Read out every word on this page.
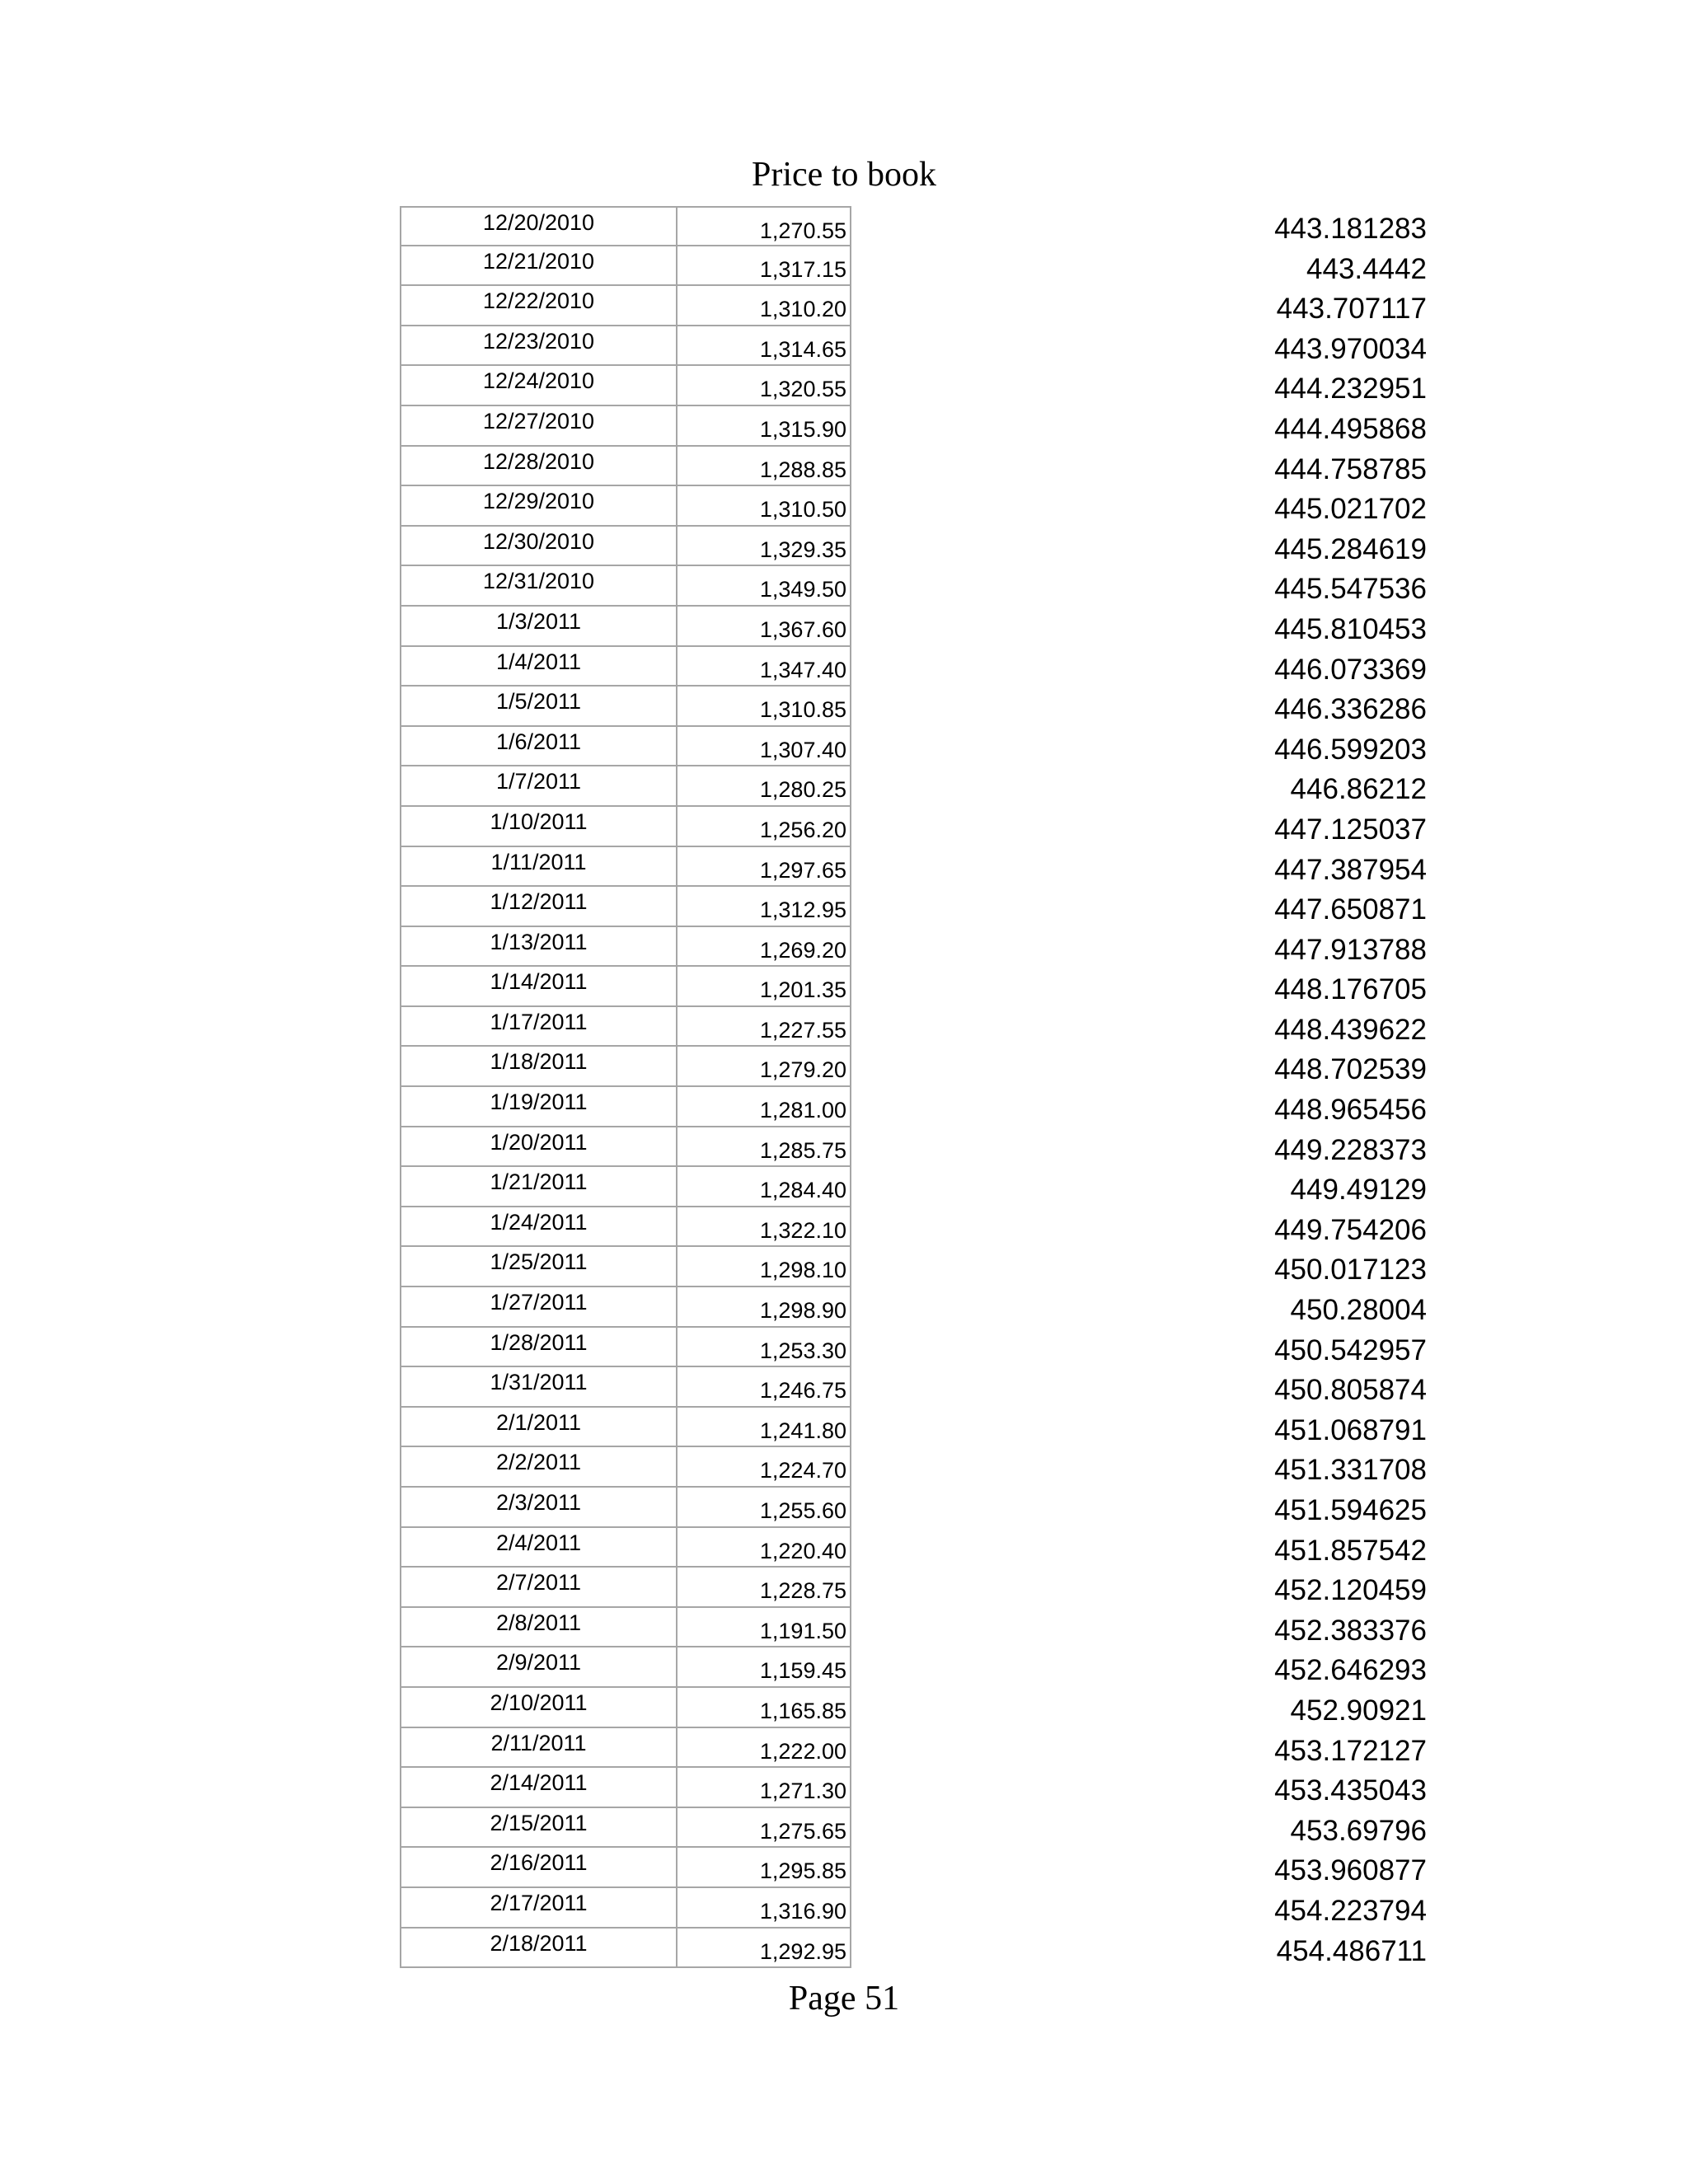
Price to book
12/20/2010	1,270.55	443.181283
12/21/2010	1,317.15	443.4442
12/22/2010	1,310.20	443.707117
12/23/2010	1,314.65	443.970034
12/24/2010	1,320.55	444.232951
12/27/2010	1,315.90	444.495868
12/28/2010	1,288.85	444.758785
12/29/2010	1,310.50	445.021702
12/30/2010	1,329.35	445.284619
12/31/2010	1,349.50	445.547536
1/3/2011	1,367.60	445.810453
1/4/2011	1,347.40	446.073369
1/5/2011	1,310.85	446.336286
1/6/2011	1,307.40	446.599203
1/7/2011	1,280.25	446.86212
1/10/2011	1,256.20	447.125037
1/11/2011	1,297.65	447.387954
1/12/2011	1,312.95	447.650871
1/13/2011	1,269.20	447.913788
1/14/2011	1,201.35	448.176705
1/17/2011	1,227.55	448.439622
1/18/2011	1,279.20	448.702539
1/19/2011	1,281.00	448.965456
1/20/2011	1,285.75	449.228373
1/21/2011	1,284.40	449.49129
1/24/2011	1,322.10	449.754206
1/25/2011	1,298.10	450.017123
1/27/2011	1,298.90	450.28004
1/28/2011	1,253.30	450.542957
1/31/2011	1,246.75	450.805874
2/1/2011	1,241.80	451.068791
2/2/2011	1,224.70	451.331708
2/3/2011	1,255.60	451.594625
2/4/2011	1,220.40	451.857542
2/7/2011	1,228.75	452.120459
2/8/2011	1,191.50	452.383376
2/9/2011	1,159.45	452.646293
2/10/2011	1,165.85	452.90921
2/11/2011	1,222.00	453.172127
2/14/2011	1,271.30	453.435043
2/15/2011	1,275.65	453.69796
2/16/2011	1,295.85	453.960877
2/17/2011	1,316.90	454.223794
2/18/2011	1,292.95	454.486711
Page 51
